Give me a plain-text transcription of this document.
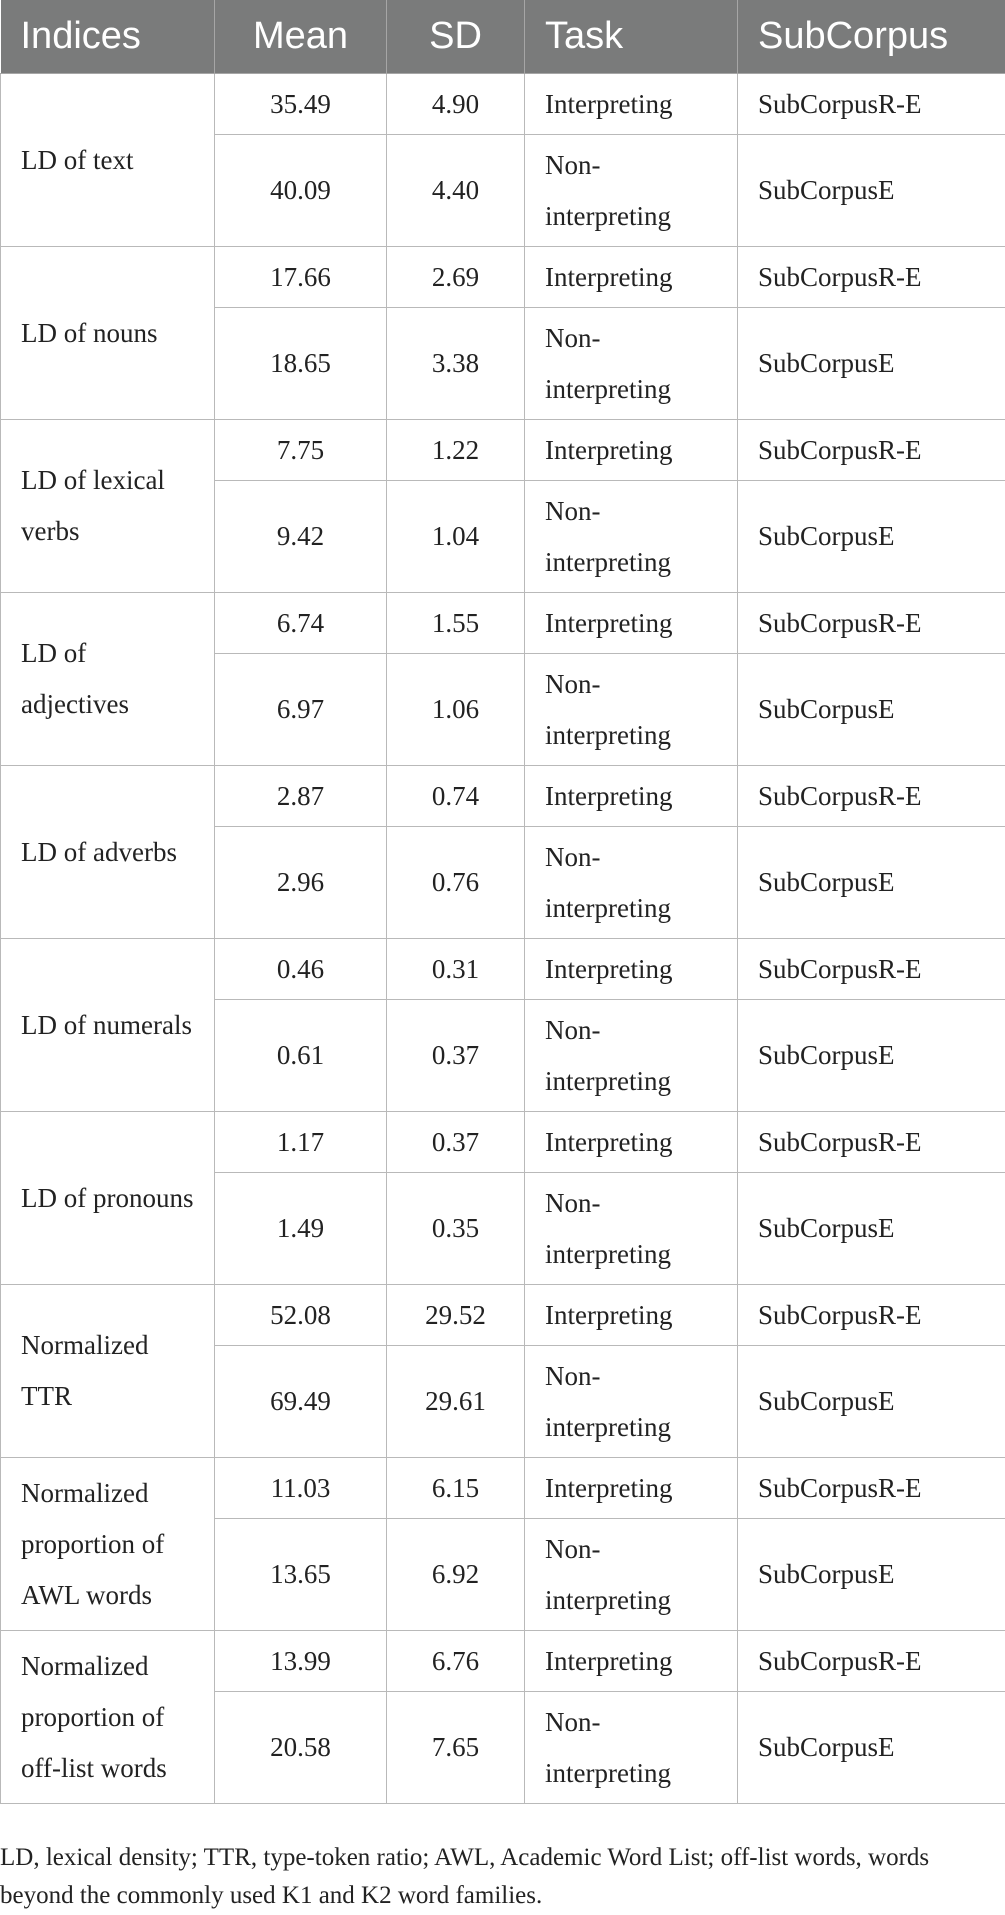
Indices	Mean	SD	Task	SubCorpus
LD of text	35.49	4.90	Interpreting	SubCorpusR-E
	40.09	4.40	Non-interpreting	SubCorpusE
LD of nouns	17.66	2.69	Interpreting	SubCorpusR-E
	18.65	3.38	Non-interpreting	SubCorpusE
LD of lexical verbs	7.75	1.22	Interpreting	SubCorpusR-E
	9.42	1.04	Non-interpreting	SubCorpusE
LD of adjectives	6.74	1.55	Interpreting	SubCorpusR-E
	6.97	1.06	Non-interpreting	SubCorpusE
LD of adverbs	2.87	0.74	Interpreting	SubCorpusR-E
	2.96	0.76	Non-interpreting	SubCorpusE
LD of numerals	0.46	0.31	Interpreting	SubCorpusR-E
	0.61	0.37	Non-interpreting	SubCorpusE
LD of pronouns	1.17	0.37	Interpreting	SubCorpusR-E
	1.49	0.35	Non-interpreting	SubCorpusE
Normalized TTR	52.08	29.52	Interpreting	SubCorpusR-E
	69.49	29.61	Non-interpreting	SubCorpusE
Normalized proportion of AWL words	11.03	6.15	Interpreting	SubCorpusR-E
	13.65	6.92	Non-interpreting	SubCorpusE
Normalized proportion of off-list words	13.99	6.76	Interpreting	SubCorpusR-E
	20.58	7.65	Non-interpreting	SubCorpusE
LD, lexical density; TTR, type-token ratio; AWL, Academic Word List; off-list words, words beyond the commonly used K1 and K2 word families.
